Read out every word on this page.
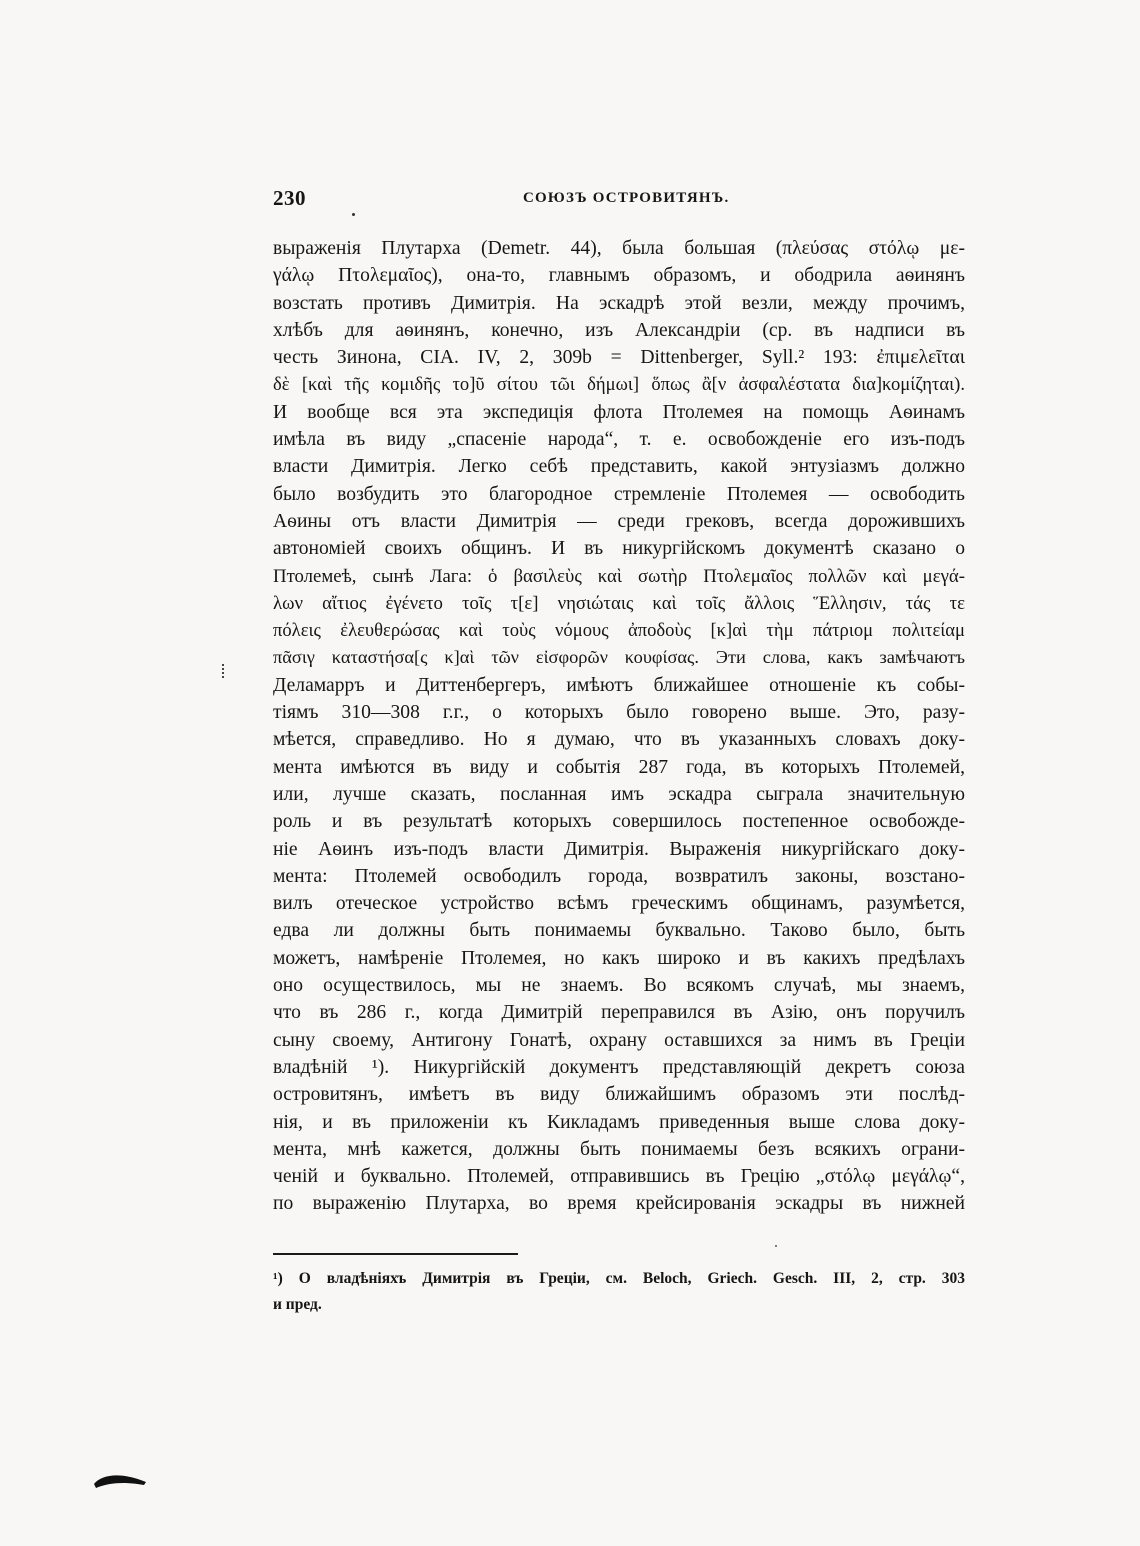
230	СОЮЗЪ ОСТРОВИТЯНЪ.
выраженія Плутарха (Demetr. 44), была большая (πλεύσας στόλῳ με-
γάλῳ Πτολεμαῖος), она-то, главнымъ образомъ, и ободрила аѳинянъ
возстать противъ Димитрія. На эскадрѣ этой везли, между прочимъ,
хлѣбъ для аѳинянъ, конечно, изъ Александріи (ср. въ надписи въ
честь Зинона, CIA. IV, 2, 309b = Dittenberger, Syll.² 193: ἐπιμελεῖται
δὲ [καὶ τῆς κομιδῆς το]ῦ σίτου τῶι δήμωι] ὅπως ἂ[ν ἀσφαλέστατα δια]κομίζηται).
И вообще вся эта экспедиція флота Птолемея на помощь Аѳинамъ
имѣла въ виду „спасеніе народа“, т. е. освобожденіе его изъ-подъ
власти Димитрія. Легко себѣ представить, какой энтузіазмъ должно
было возбудить это благородное стремленіе Птолемея — освободить
Аѳины отъ власти Димитрія — среди грековъ, всегда дорожившихъ
автономіей своихъ общинъ. И въ никургійскомъ документѣ сказано о
Птолемеѣ, сынѣ Лага: ὁ βασιλεὺς καὶ σωτὴρ Πτολεμαῖος πολλῶν καὶ μεγά-
λων αἴτιος ἐγένετο τοῖς τ[ε] νησιώταις καὶ τοῖς ἄλλοις Ἕλλησιν, τάς τε
πόλεις ἐλευθερώσας καὶ τοὺς νόμους ἀποδοὺς [κ]αὶ τὴμ πάτριομ πολιτείαμ
πᾶσιγ καταστήσα[ς κ]αὶ τῶν εἰσφορῶν κουφίσας. Эти слова, какъ замѣчаютъ
Деламарръ и Диттенбергеръ, имѣютъ ближайшее отношеніе къ собы-
тіямъ 310—308 г.г., о которыхъ было говорено выше. Это, разу-
мѣется, справедливо. Но я думаю, что въ указанныхъ словахъ доку-
мента имѣются въ виду и событія 287 года, въ которыхъ Птолемей,
или, лучше сказать, посланная имъ эскадра сыграла значительную
роль и въ результатѣ которыхъ совершилось постепенное освобожде-
ніе Аѳинъ изъ-подъ власти Димитрія. Выраженія никургійскаго доку-
мента: Птолемей освободилъ города, возвратилъ законы, возстано-
вилъ отеческое устройство всѣмъ греческимъ общинамъ, разумѣется,
едва ли должны быть понимаемы буквально. Таково было, быть
можетъ, намѣреніе Птолемея, но какъ широко и въ какихъ предѣлахъ
оно осуществилось, мы не знаемъ. Во всякомъ случаѣ, мы знаемъ,
что въ 286 г., когда Димитрій переправился въ Азію, онъ поручилъ
сыну своему, Антигону Гонатѣ, охрану оставшихся за нимъ въ Греціи
владѣній ¹). Никургійскій документъ представляющій декретъ союза
островитянъ, имѣетъ въ виду ближайшимъ образомъ эти послѣд-
нія, и въ приложеніи къ Кикладамъ приведенныя выше слова доку-
мента, мнѣ кажется, должны быть понимаемы безъ всякихъ ограни-
ченій и буквально. Птолемей, отправившись въ Грецію „στόλῳ μεγάλῳ“,
по выраженію Плутарха, во время крейсированія эскадры въ нижней
¹) О владѣніяхъ Димитрія въ Греціи, см. Beloch, Griech. Gesch. III, 2, стр. 303
и пред.
